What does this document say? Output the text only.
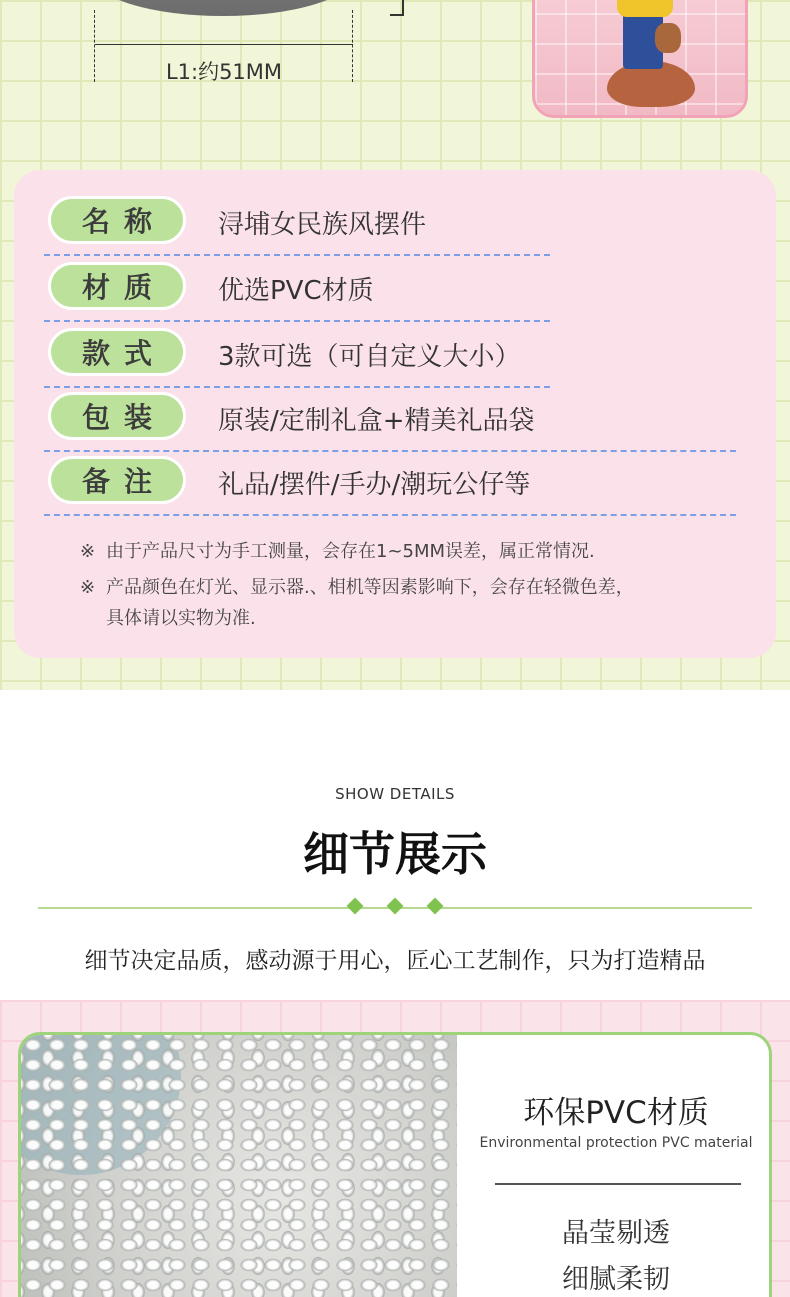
L1:约51MM
名称	浔埔女民族风摆件
材质	优选PVC材质
款式	3款可选（可自定义大小）
包装	原装/定制礼盒+精美礼品袋
备注	礼品/摆件/手办/潮玩公仔等
※ 由于产品尺寸为手工测量，会存在1~5MM误差，属正常情况.
※ 产品颜色在灯光、显示器.、相机等因素影响下，会存在轻微色差，
具体请以实物为准.
SHOW DETAILS
细节展示
细节决定品质，感动源于用心，匠心工艺制作，只为打造精品
环保PVC材质
Environmental protection PVC material
晶莹剔透
细腻柔韧
